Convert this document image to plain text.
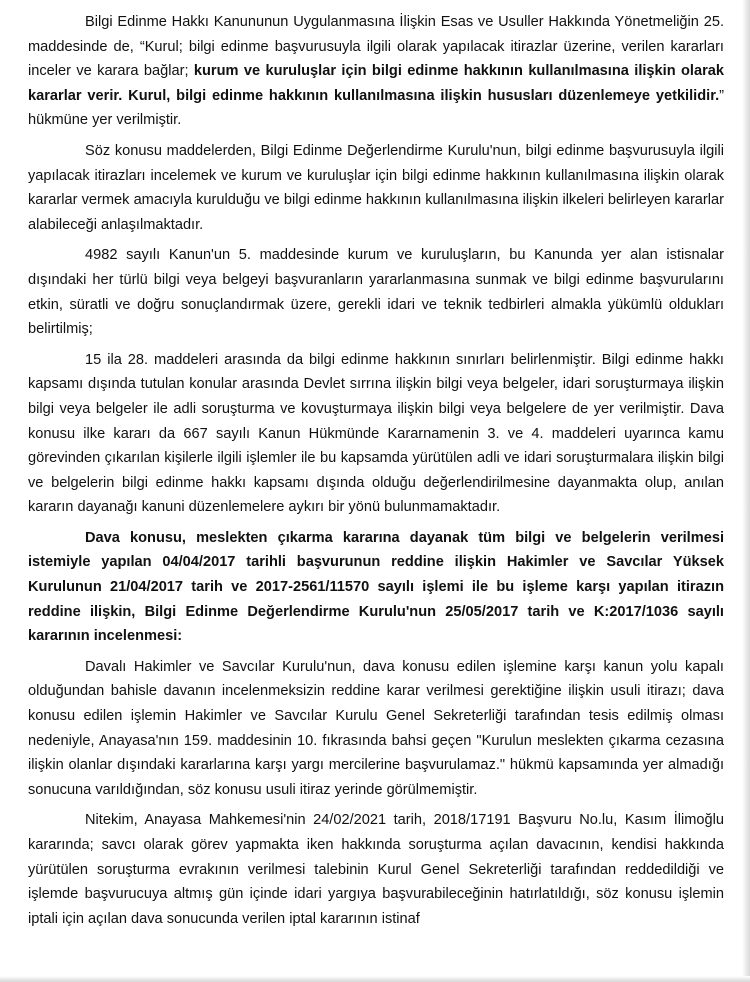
Bilgi Edinme Hakkı Kanununun Uygulanmasına İlişkin Esas ve Usuller Hakkında Yönetmeliğin 25. maddesinde de, “Kurul; bilgi edinme başvurusuyla ilgili olarak yapılacak itirazlar üzerine, verilen kararları inceler ve karara bağlar; kurum ve kuruluşlar için bilgi edinme hakkının kullanılmasına ilişkin olarak kararlar verir. Kurul, bilgi edinme hakkının kullanılmasına ilişkin hususları düzenlemeye yetkilidir.” hükmüne yer verilmiştir.

Söz konusu maddelerden, Bilgi Edinme Değerlendirme Kurulu'nun, bilgi edinme başvurusuyla ilgili yapılacak itirazları incelemek ve kurum ve kuruluşlar için bilgi edinme hakkının kullanılmasına ilişkin olarak kararlar vermek amacıyla kurulduğu ve bilgi edinme hakkının kullanılmasına ilişkin ilkeleri belirleyen kararlar alabileceği anlaşılmaktadır.

4982 sayılı Kanun'un 5. maddesinde kurum ve kuruluşların, bu Kanunda yer alan istisnalar dışındaki her türlü bilgi veya belgeyi başvuranların yararlanmasına sunmak ve bilgi edinme başvurularını etkin, süratli ve doğru sonuçlandırmak üzere, gerekli idari ve teknik tedbirleri almakla yükümlü oldukları belirtilmiş;

15 ila 28. maddeleri arasında da bilgi edinme hakkının sınırları belirlenmiştir. Bilgi edinme hakkı kapsamı dışında tutulan konular arasında Devlet sırrına ilişkin bilgi veya belgeler, idari soruşturmaya ilişkin bilgi veya belgeler ile adli soruşturma ve kovuşturmaya ilişkin bilgi veya belgelere de yer verilmiştir. Dava konusu ilke kararı da 667 sayılı Kanun Hükmünde Kararnamenin 3. ve 4. maddeleri uyarınca kamu görevinden çıkarılan kişilerle ilgili işlemler ile bu kapsamda yürütülen adli ve idari soruşturmalara ilişkin bilgi ve belgelerin bilgi edinme hakkı kapsamı dışında olduğu değerlendirilmesine dayanmakta olup, anılan kararın dayanağı kanuni düzenlemelere aykırı bir yönü bulunmamaktadır.

Dava konusu, meslekten çıkarma kararına dayanak tüm bilgi ve belgelerin verilmesi istemiyle yapılan 04/04/2017 tarihli başvurunun reddine ilişkin Hakimler ve Savcılar Yüksek Kurulunun 21/04/2017 tarih ve 2017-2561/11570 sayılı işlemi ile bu işleme karşı yapılan itirazın reddine ilişkin, Bilgi Edinme Değerlendirme Kurulu'nun 25/05/2017 tarih ve K:2017/1036 sayılı kararının incelenmesi:

Davalı Hakimler ve Savcılar Kurulu'nun, dava konusu edilen işlemine karşı kanun yolu kapalı olduğundan bahisle davanın incelenmeksizin reddine karar verilmesi gerektiğine ilişkin usuli itirazı; dava konusu edilen işlemin Hakimler ve Savcılar Kurulu Genel Sekreterliği tarafından tesis edilmiş olması nedeniyle, Anayasa'nın 159. maddesinin 10. fıkrasında bahsi geçen "Kurulun meslekten çıkarma cezasına ilişkin olanlar dışındaki kararlarına karşı yargı mercilerine başvurulamaz." hükmü kapsamında yer almadığı sonucuna varıldığından, söz konusu usuli itiraz yerinde görülmemiştir.

Nitekim, Anayasa Mahkemesi'nin 24/02/2021 tarih, 2018/17191 Başvuru No.lu, Kasım İlimoğlu kararında; savcı olarak görev yapmakta iken hakkında soruşturma açılan davacının, kendisi hakkında yürütülen soruşturma evrakının verilmesi talebinin Kurul Genel Sekreterliği tarafından reddedildiği ve işlemde başvurucuya altmış gün içinde idari yargıya başvurabileceğinin hatırlatıldığı, söz konusu işlemin iptali için açılan dava sonucunda verilen iptal kararının istinaf
